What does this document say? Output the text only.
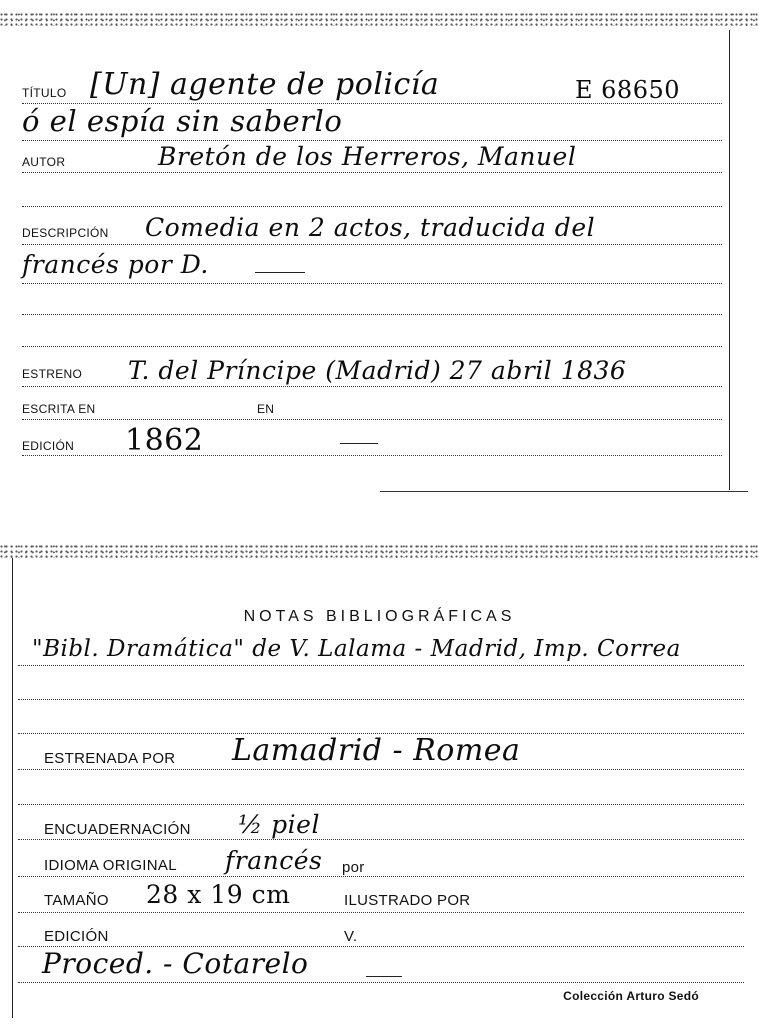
TÍTULO [Un] agente de policía	E 68650
ó el espía sin saberlo
AUTOR	Bretón de los Herreros, Manuel
DESCRIPCIÓN Comedia en 2 actos, traducida del
francés por D.
ESTRENO T. del Príncipe (Madrid) 27 abril 1836
ESCRITA EN	EN
EDICIÓN 1862
NOTAS BIBLIOGRÁFICAS
"Bibl. Dramática" de V. Lalama - Madrid, Imp. Correa
ESTRENADA POR Lamadrid - Romea
ENCUADERNACIÓN ½ piel
IDIOMA ORIGINAL francés por
TAMAÑO 28 x 19 cm	ILUSTRADO POR
EDICIÓN	V.
Proced. - Cotarelo
Colección Arturo Sedó
